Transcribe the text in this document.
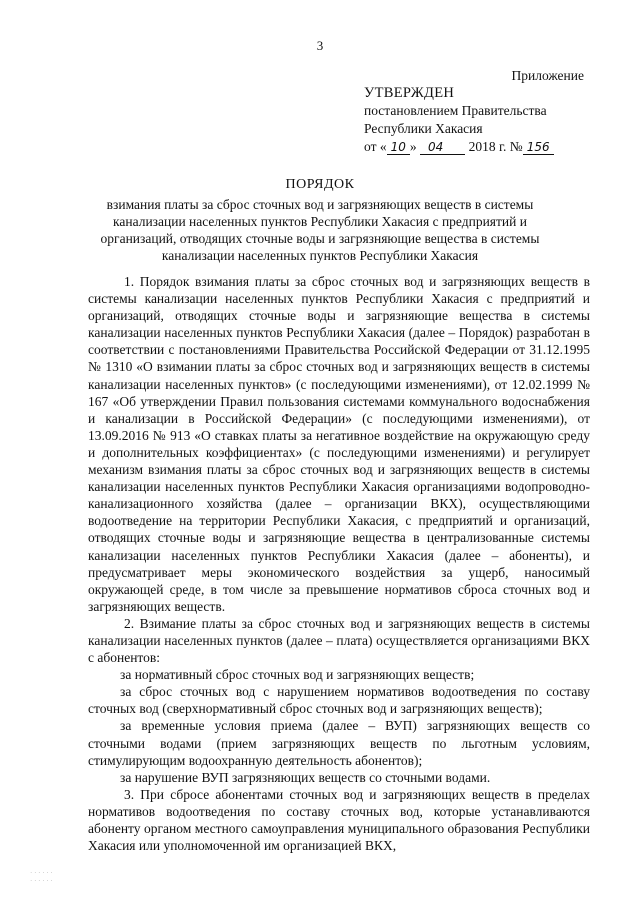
3
Приложение
УТВЕРЖДЕН
постановлением Правительства
Республики Хакасия
от « 10 » 04 2018 г. № 156
ПОРЯДОК
взимания платы за сброс сточных вод и загрязняющих веществ в системы канализации населенных пунктов Республики Хакасия с предприятий и организаций, отводящих сточные воды и загрязняющие вещества в системы канализации населенных пунктов Республики Хакасия

1. Порядок взимания платы за сброс сточных вод и загрязняющих веществ в системы канализации населенных пунктов Республики Хакасия с предприятий и организаций, отводящих сточные воды и загрязняющие вещества в системы канализации населенных пунктов Республики Хакасия (далее – Порядок) разработан в соответствии с постановлениями Правительства Российской Федерации от 31.12.1995 № 1310 «О взимании платы за сброс сточных вод и загрязняющих веществ в системы канализации населенных пунктов» (с последующими изменениями), от 12.02.1999 № 167 «Об утверждении Правил пользования системами коммунального водоснабжения и канализации в Российской Федерации» (с последующими изменениями), от 13.09.2016 № 913 «О ставках платы за негативное воздействие на окружающую среду и дополнительных коэффициентах» (с последующими изменениями) и регулирует механизм взимания платы за сброс сточных вод и загрязняющих веществ в системы канализации населенных пунктов Республики Хакасия организациями водопроводно-канализационного хозяйства (далее – организации ВКХ), осуществляющими водоотведение на территории Республики Хакасия, с предприятий и организаций, отводящих сточные воды и загрязняющие вещества в централизованные системы канализации населенных пунктов Республики Хакасия (далее – абоненты), и предусматривает меры экономического воздействия за ущерб, наносимый окружающей среде, в том числе за превышение нормативов сброса сточных вод и загрязняющих веществ.

2. Взимание платы за сброс сточных вод и загрязняющих веществ в системы канализации населенных пунктов (далее – плата) осуществляется организациями ВКХ с абонентов:

за нормативный сброс сточных вод и загрязняющих веществ;

за сброс сточных вод с нарушением нормативов водоотведения по составу сточных вод (сверхнормативный сброс сточных вод и загрязняющих веществ);

за временные условия приема (далее – ВУП) загрязняющих веществ со сточными водами (прием загрязняющих веществ по льготным условиям, стимулирующим водоохранную деятельность абонентов);

за нарушение ВУП загрязняющих веществ со сточными водами.

3. При сбросе абонентами сточных вод и загрязняющих веществ в пределах нормативов водоотведения по составу сточных вод, которые устанавливаются абоненту органом местного самоуправления муниципального образования Республики Хакасия или уполномоченной им организацией ВКХ,

· · · · · ·
· · · · · ·
